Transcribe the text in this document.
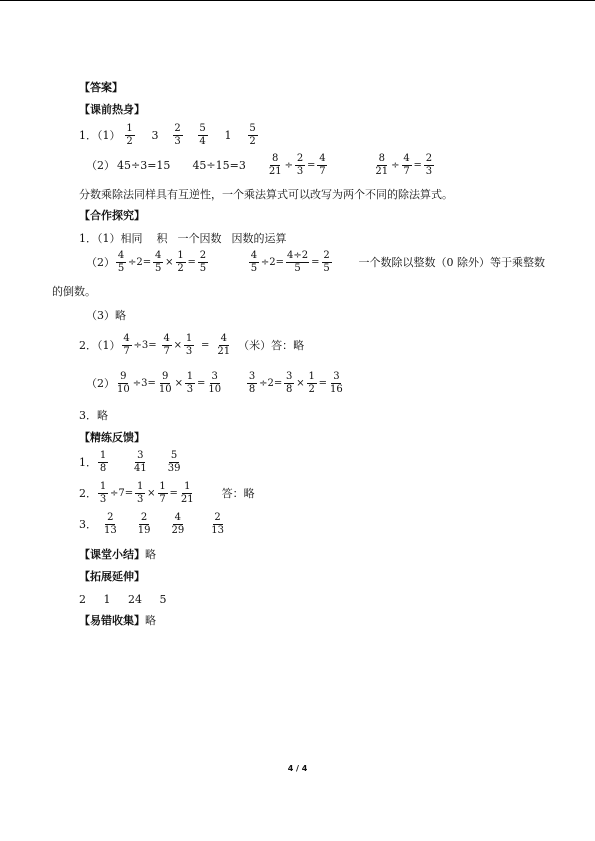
【答案】
【课前热身】
1．$(1) \frac{1}{2} 3 \frac{2}{3} \frac{5}{4} 1 \frac{5}{2}$
（2） 45÷3=15 $45\div 15=3 \frac{8}{21} \div \frac{2}{3} = \frac{4}{7}$	$\frac{8}{21} \div \frac{4}{7} = \frac{2}{3}$
分数乘除法同样具有互逆性，一个乘法算式可以改写为两个不同的除法算式。
【合作探究】
1．（1） 相同 积 一个因数 因数的运算
$(2) \frac{4}{5} \div 2= \frac{4}{5} \times \frac{1}{2} = \frac{2}{5}$	$\frac{4}{5} \div 2= \frac{4\div 2}{5} = \frac{2}{5}$ 一个数除以整数（0 除外）等于乘整数
的倒数。
（3）略
2．$(1) \frac{4}{7} \div 3= \frac{4}{7} \times \frac{1}{3} = \frac{4}{21}$ （米）答：略
$(2) \frac{9}{10} \div 3= \frac{9}{10} \times \frac{1}{3} = \frac{3}{10}$	$\frac{3}{8} \div 2= \frac{3}{8} \times \frac{1}{2} = \frac{3}{16}$
3．略
【精练反馈】
1． $\frac{1}{8}$	$\frac{3}{41} \frac{5}{39}$
2． $\frac{1}{3} \div 7= \frac{1}{3} \times \frac{1}{7} = \frac{1}{21}$ 答：略
3． $\frac{2}{13} \frac{2}{19} \frac{4}{29}$	$\frac{2}{13}$
【课堂小结】 略
【拓展延伸】
2 1 24 5
【易错收集】 略
4 / 4
